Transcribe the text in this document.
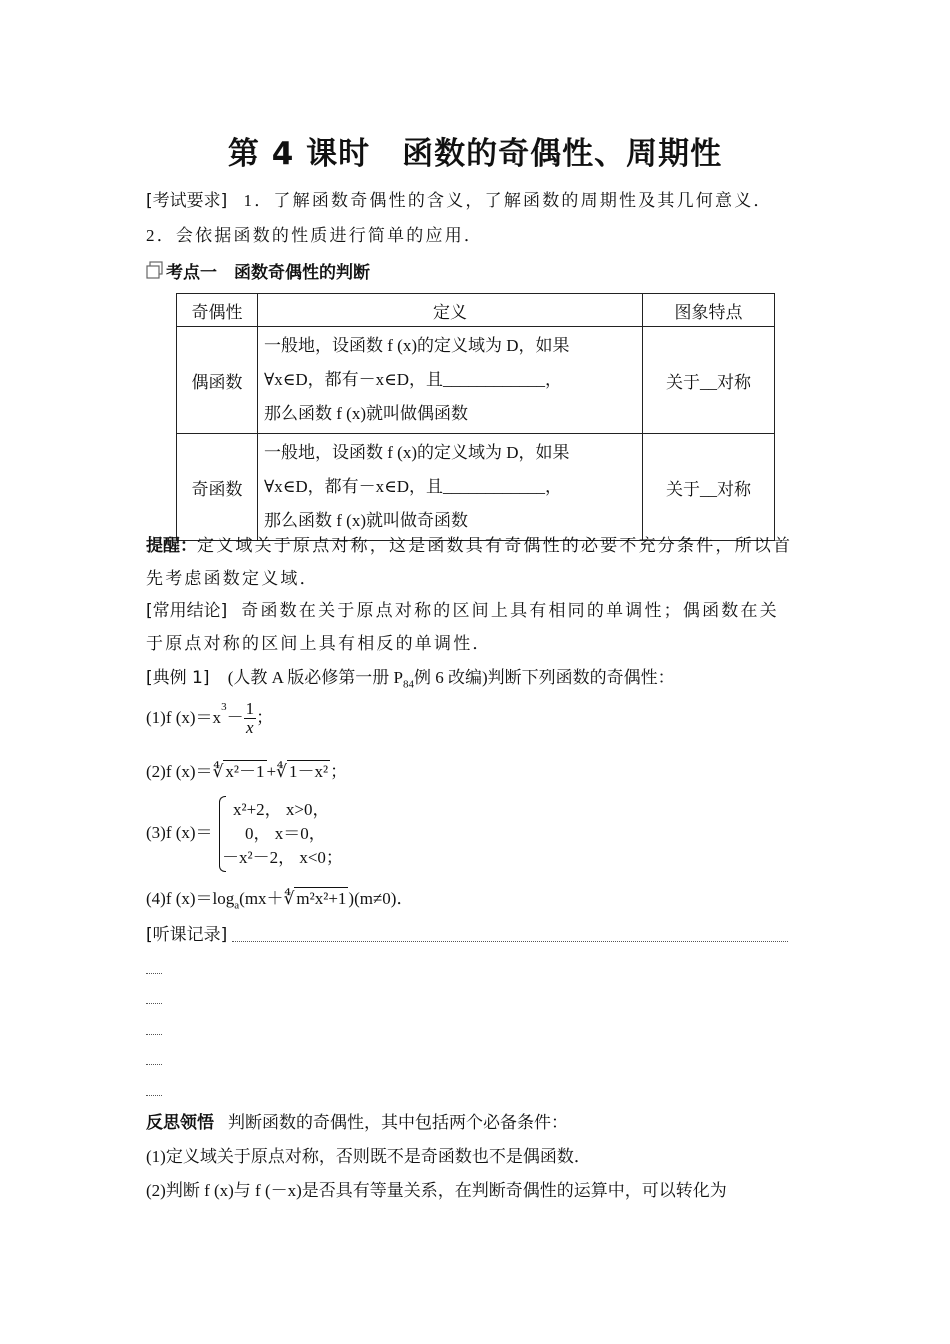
第 4 课时　函数的奇偶性、周期性
[考试要求] 1．了解函数奇偶性的含义，了解函数的周期性及其几何意义．
2．会依据函数的性质进行简单的应用．
考点一　函数奇偶性的判断
奇偶性	定义	图象特点
偶函数	一般地，设函数 f (x)的定义域为 D，如果
∀x∈D，都有－x∈D，且____________，
那么函数 f (x)就叫做偶函数	关于__对称
奇函数	一般地，设函数 f (x)的定义域为 D，如果
∀x∈D，都有－x∈D，且____________，
那么函数 f (x)就叫做奇函数	关于__对称
提醒：定义域关于原点对称，这是函数具有奇偶性的必要不充分条件，所以首
先考虑函数定义域．
[常用结论] 奇函数在关于原点对称的区间上具有相同的单调性；偶函数在关
于原点对称的区间上具有相反的单调性．
[典例 1] (人教 A 版必修第一册 $P_{84}$例 6 改编)判断下列函数的奇偶性：
(1)f $(x)=x^3- \frac{1}{x}$ ；
(2)f (x)＝∜ x²－1 +∜ 1－x² ；
(3)f (x)＝
x²+2， x>0，
0， x＝0，
－x²－2， x<0；
(4)f $(x)=\log_a(mx+∜$ m²x²+1 )(m≠0)．
[听课记录]
反思领悟 判断函数的奇偶性，其中包括两个必备条件：
(1)定义域关于原点对称，否则既不是奇函数也不是偶函数．
(2)判断 f (x)与 f (－x)是否具有等量关系，在判断奇偶性的运算中，可以转化为
